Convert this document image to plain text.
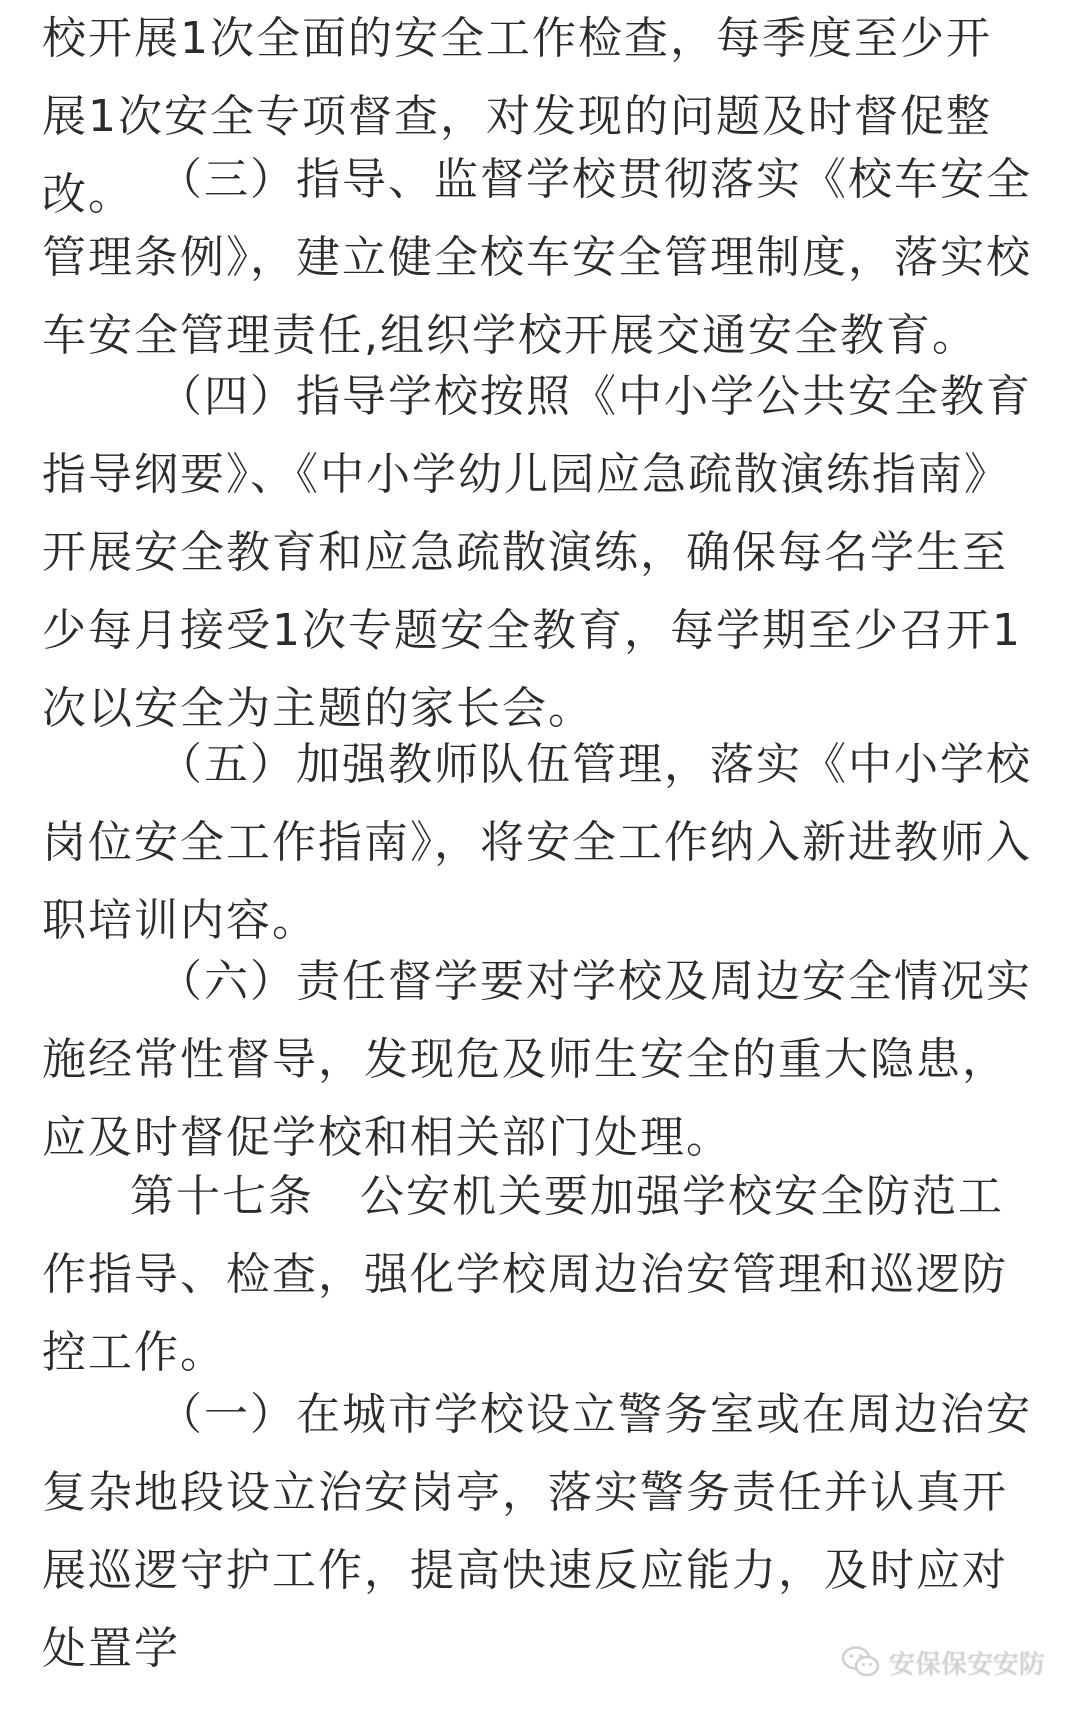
校开展1次全面的安全工作检查，每季度至少开展1次安全专项督查，对发现的问题及时督促整改。 （三）指导、监督学校贯彻落实《校车安全管理条例》，建立健全校车安全管理制度，落实校车安全管理责任,组织学校开展交通安全教育。
（四）指导学校按照《中小学公共安全教育指导纲要》、《中小学幼儿园应急疏散演练指南》开展安全教育和应急疏散演练，确保每名学生至少每月接受1次专题安全教育，每学期至少召开1次以安全为主题的家长会。
（五）加强教师队伍管理，落实《中小学校岗位安全工作指南》，将安全工作纳入新进教师入职培训内容。
（六）责任督学要对学校及周边安全情况实施经常性督导，发现危及师生安全的重大隐患，应及时督促学校和相关部门处理。
第十七条　公安机关要加强学校安全防范工作指导、检查，强化学校周边治安管理和巡逻防控工作。
（一）在城市学校设立警务室或在周边治安复杂地段设立治安岗亭，落实警务责任并认真开展巡逻守护工作，提高快速反应能力，及时应对处置学	安保保安安防
